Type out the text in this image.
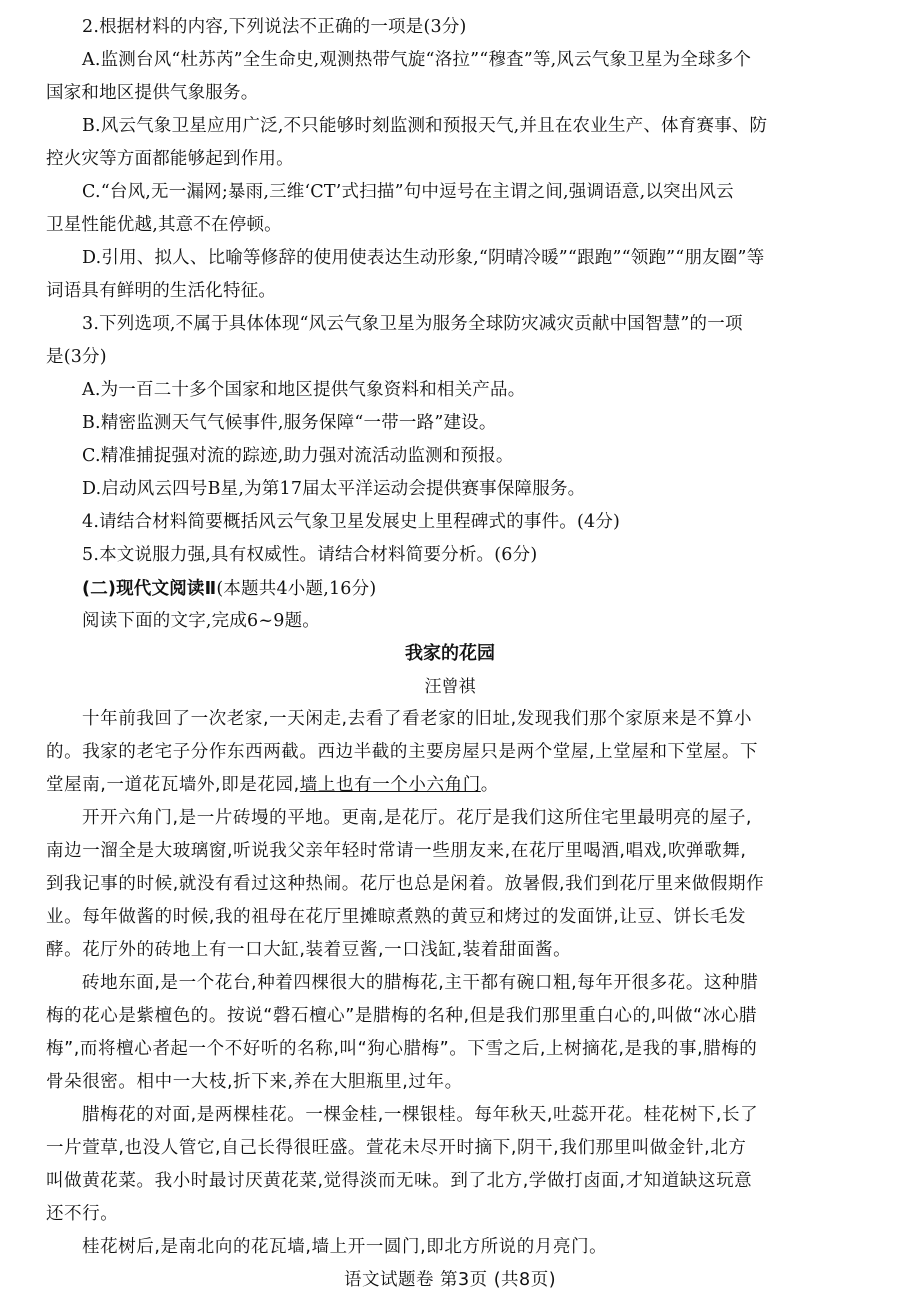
2.根据材料的内容,下列说法不正确的一项是(3分)
A.监测台风“杜苏芮”全生命史,观测热带气旋“洛拉”“穆査”等,风云气象卫星为全球多个
国家和地区提供气象服务。
B.风云气象卫星应用广泛,不只能够时刻监测和预报天气,并且在农业生产、体育赛事、防
控火灾等方面都能够起到作用。
C.“台风,无一漏网;暴雨,三维‘CT’式扫描”句中逗号在主谓之间,强调语意,以突出风云
卫星性能优越,其意不在停顿。
D.引用、拟人、比喻等修辞的使用使表达生动形象,“阴晴冷暖”“跟跑”“领跑”“朋友圈”等
词语具有鲜明的生活化特征。
3.下列选项,不属于具体体现“风云气象卫星为服务全球防灾减灾贡献中国智慧”的一项
是(3分)
A.为一百二十多个国家和地区提供气象资料和相关产品。
B.精密监测天气气候事件,服务保障“一带一路”建设。
C.精准捕捉强对流的踪迹,助力强对流活动监测和预报。
D.启动风云四号B星,为第17届太平洋运动会提供赛事保障服务。
4.请结合材料简要概括风云气象卫星发展史上里程碑式的事件。(4分)
5.本文说服力强,具有权威性。请结合材料简要分析。(6分)
(二)现代文阅读Ⅱ(本题共4小题,16分)
阅读下面的文字,完成6~9题。
我家的花园
汪曾祺
十年前我回了一次老家,一天闲走,去看了看老家的旧址,发现我们那个家原来是不算小
的。我家的老宅子分作东西两截。西边半截的主要房屋只是两个堂屋,上堂屋和下堂屋。下
堂屋南,一道花瓦墙外,即是花园,墙上也有一个小六角门。
开开六角门,是一片砖墁的平地。更南,是花厅。花厅是我们这所住宅里最明亮的屋子,
南边一溜全是大玻璃窗,听说我父亲年轻时常请一些朋友来,在花厅里喝酒,唱戏,吹弹歌舞,
到我记事的时候,就没有看过这种热闹。花厅也总是闲着。放暑假,我们到花厅里来做假期作
业。每年做酱的时候,我的祖母在花厅里摊晾煮熟的黄豆和烤过的发面饼,让豆、饼长毛发
酵。花厅外的砖地上有一口大缸,装着豆酱,一口浅缸,装着甜面酱。
砖地东面,是一个花台,种着四棵很大的腊梅花,主干都有碗口粗,每年开很多花。这种腊
梅的花心是紫檀色的。按说“磬石檀心”是腊梅的名种,但是我们那里重白心的,叫做“冰心腊
梅”,而将檀心者起一个不好听的名称,叫“狗心腊梅”。下雪之后,上树摘花,是我的事,腊梅的
骨朵很密。相中一大枝,折下来,养在大胆瓶里,过年。
腊梅花的对面,是两棵桂花。一棵金桂,一棵银桂。每年秋天,吐蕊开花。桂花树下,长了
一片萱草,也没人管它,自己长得很旺盛。萱花未尽开时摘下,阴干,我们那里叫做金针,北方
叫做黄花菜。我小时最讨厌黄花菜,觉得淡而无味。到了北方,学做打卤面,才知道缺这玩意
还不行。
语文试题卷 第3页 (共8页)
桂花树后,是南北向的花瓦墙,墙上开一圆门,即北方所说的月亮门。
